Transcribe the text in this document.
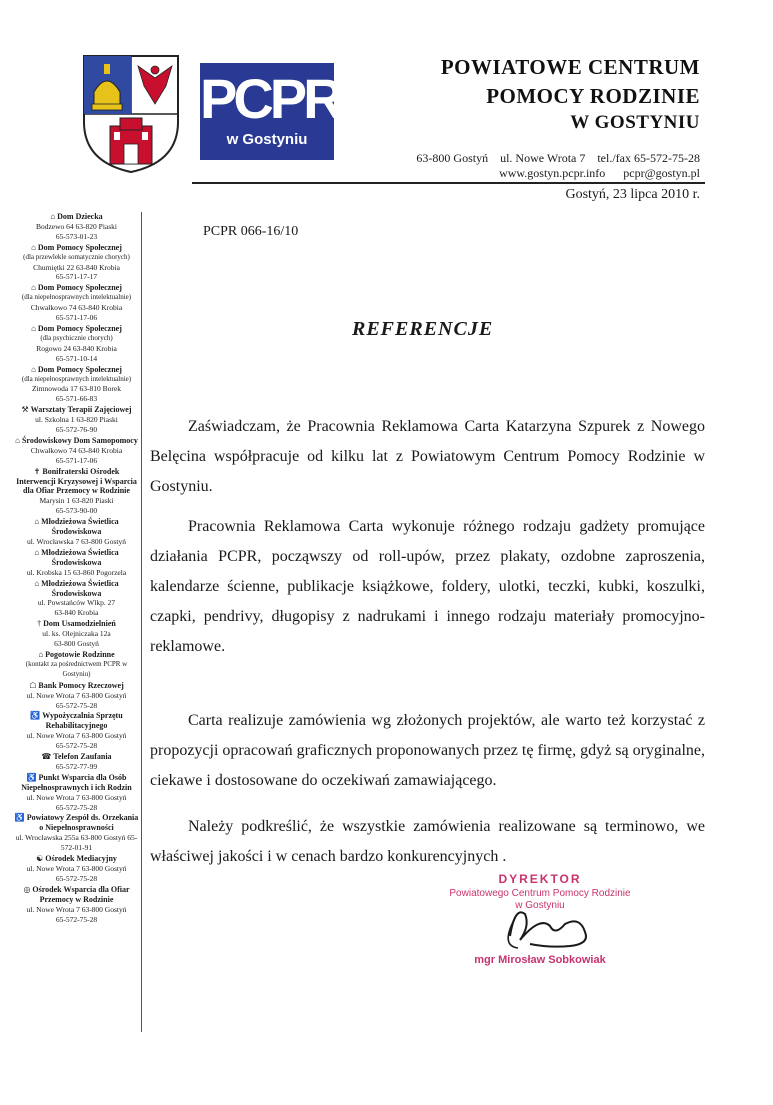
PCPR
w Gostyniu
POWIATOWE CENTRUM
POMOCY RODZINIE
W GOSTYNIU
63-800 Gostyń    ul. Nowe Wrota 7    tel./fax 65-572-75-28
www.gostyn.pcpr.info      pcpr@gostyn.pl
Gostyń, 23 lipca 2010 r.
⌂ Dom Dziecka
Bodzewo 64 63-820 Piaski
65-573-01-23
⌂ Dom Pomocy Społecznej
(dla przewlekle somatycznie chorych)
Chumiętki 22 63-840 Krobia
65-571-17-17
⌂ Dom Pomocy Społecznej
(dla niepełnosprawnych intelektualnie)
Chwałkowo 74 63-840 Krobia
65-571-17-06
⌂ Dom Pomocy Społecznej
(dla psychicznie chorych)
Rogowo 24 63-840 Krobia
65-571-10-14
⌂ Dom Pomocy Społecznej
(dla niepełnosprawnych intelektualnie)
Zimnowoda 17 63-810 Borek
65-571-66-83
⚒ Warsztaty Terapii Zajęciowej
ul. Szkolna 1 63-820 Piaski
65-572-76-90
⌂ Środowiskowy Dom Samopomocy
Chwałkowo 74 63-840 Krobia
65-571-17-06
✝ Bonifraterski Ośrodek Interwencji Kryzysowej i Wsparcia dla Ofiar Przemocy w Rodzinie
Marysin 1 63-820 Piaski
65-573-90-00
⌂ Młodzieżowa Świetlica Środowiskowa
ul. Wrocławska 7 63-800 Gostyń
⌂ Młodzieżowa Świetlica Środowiskowa
ul. Krobska 15 63-860 Pogorzela
⌂ Młodzieżowa Świetlica Środowiskowa
ul. Powstańców Wlkp. 27
63-840 Krobia
† Dom Usamodzielnień
ul. ks. Olejniczaka 12a
63-800 Gostyń
⌂ Pogotowie Rodzinne
(kontakt za pośrednictwem PCPR w Gostyniu)
☖ Bank Pomocy Rzeczowej
ul. Nowe Wrota 7 63-800 Gostyń
65-572-75-28
♿ Wypożyczalnia Sprzętu Rehabilitacyjnego
ul. Nowe Wrota 7 63-800 Gostyń
65-572-75-28
☎ Telefon Zaufania
65-572-77-99
♿ Punkt Wsparcia dla Osób Niepełnosprawnych i ich Rodzin
ul. Nowe Wrota 7 63-800 Gostyń
65-572-75-28
♿ Powiatowy Zespół ds. Orzekania o Niepełnosprawności
ul. Wrocławska 255a 63-800 Gostyń 65-572-01-91
☯ Ośrodek Mediacyjny
ul. Nowe Wrota 7 63-800 Gostyń
65-572-75-28
◎ Ośrodek Wsparcia dla Ofiar Przemocy w Rodzinie
ul. Nowe Wrota 7 63-800 Gostyń
65-572-75-28
PCPR 066-16/10
REFERENCJE
Zaświadczam, że Pracownia Reklamowa Carta Katarzyna Szpurek z Nowego Belęcina współpracuje od kilku lat z Powiatowym Centrum Pomocy Rodzinie w Gostyniu.
Pracownia Reklamowa Carta wykonuje różnego rodzaju gadżety promujące działania PCPR, począwszy od roll-upów, przez plakaty, ozdobne zaproszenia, kalendarze ścienne, publikacje książkowe, foldery, ulotki, teczki, kubki, koszulki, czapki, pendrivy, długopisy z nadrukami i innego rodzaju materiały promocyjno-reklamowe.
Carta realizuje zamówienia wg złożonych projektów, ale warto też korzystać z propozycji opracowań graficznych proponowanych przez tę firmę, gdyż są oryginalne, ciekawe i dostosowane do oczekiwań zamawiającego.
Należy podkreślić, że wszystkie zamówienia realizowane są terminowo, we właściwej jakości i w cenach bardzo konkurencyjnych .
DYREKTOR
Powiatowego Centrum Pomocy Rodzinie
w Gostyniu
mgr Mirosław Sobkowiak
